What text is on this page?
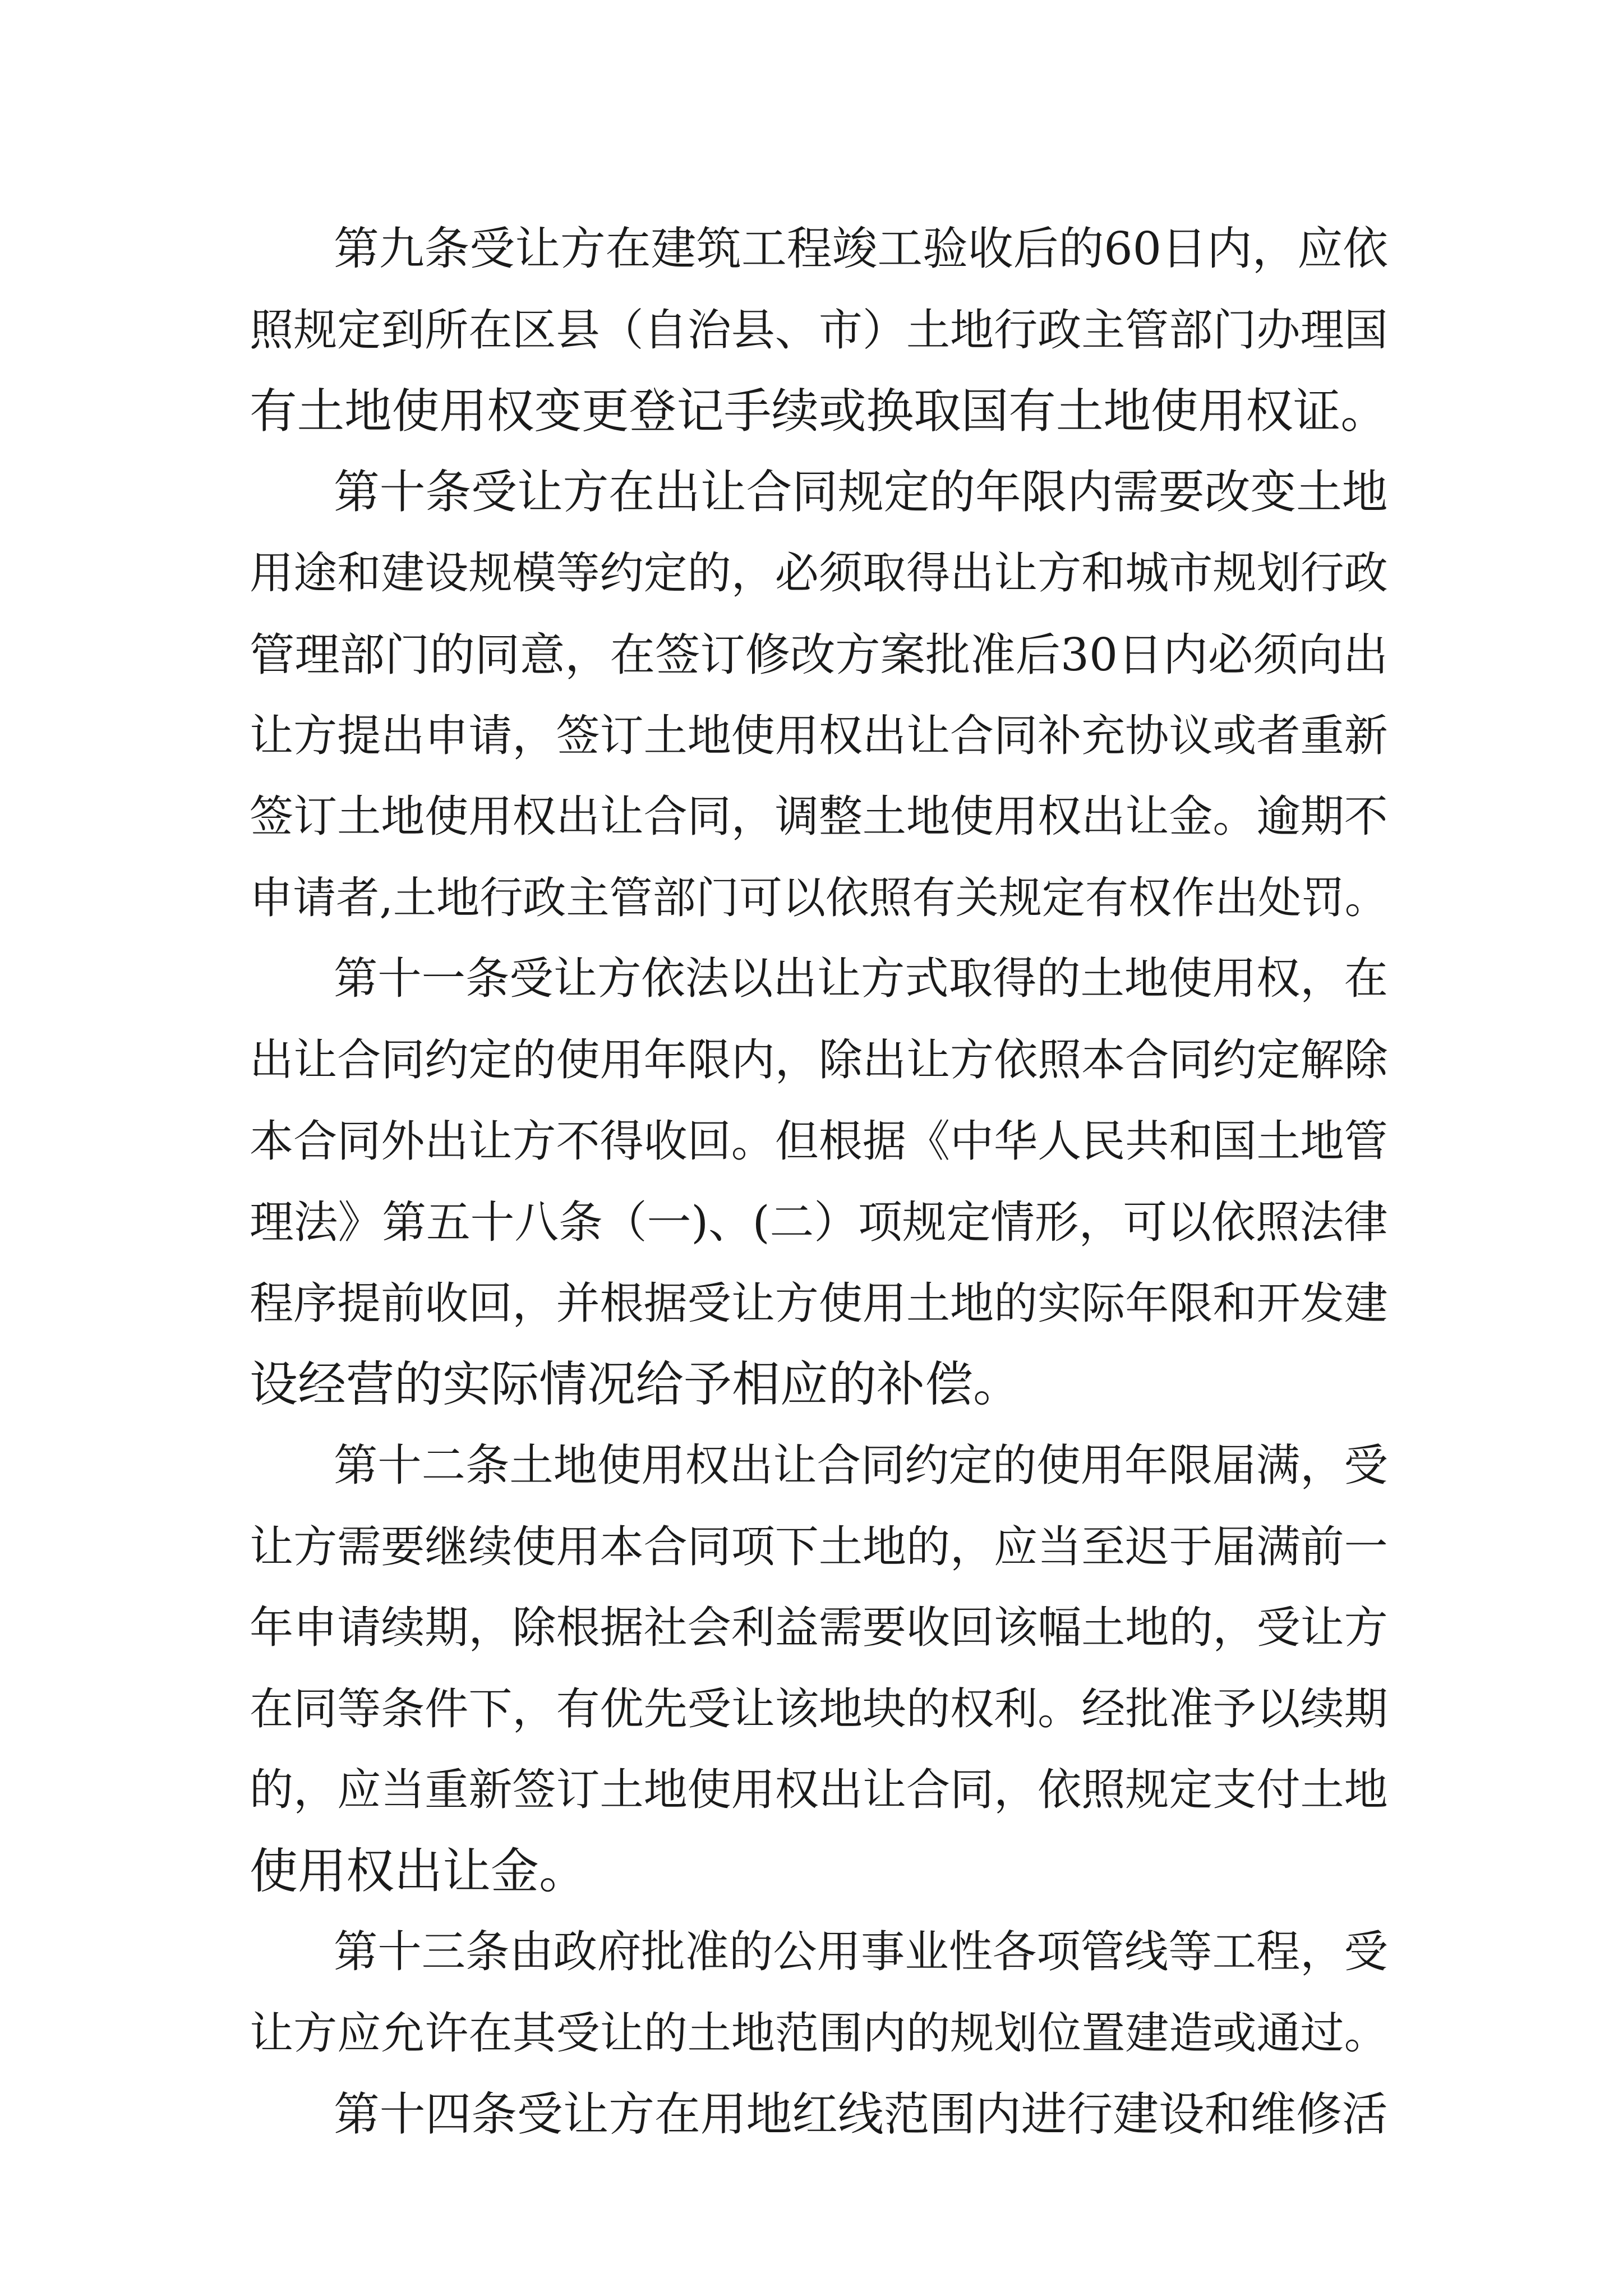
第九条受让方在建筑工程竣工验收后的60日内，应依
照规定到所在区县（自治县、市）土地行政主管部门办理国
有土地使用权变更登记手续或换取国有土地使用权证。
第十条受让方在出让合同规定的年限内需要改变土地
用途和建设规模等约定的，必须取得出让方和城市规划行政
管理部门的同意，在签订修改方案批准后30日内必须向出
让方提出申请，签订土地使用权出让合同补充协议或者重新
签订土地使用权出让合同，调整土地使用权出让金。逾期不
申请者,土地行政主管部门可以依照有关规定有权作出处罚。
第十一条受让方依法以出让方式取得的土地使用权，在
出让合同约定的使用年限内，除出让方依照本合同约定解除
本合同外出让方不得收回。但根据《中华人民共和国土地管
理法》第五十八条（一)、(二）项规定情形，可以依照法律
程序提前收回，并根据受让方使用土地的实际年限和开发建
设经营的实际情况给予相应的补偿。
第十二条土地使用权出让合同约定的使用年限届满，受
让方需要继续使用本合同项下土地的，应当至迟于届满前一
年申请续期，除根据社会利益需要收回该幅土地的，受让方
在同等条件下，有优先受让该地块的权利。经批准予以续期
的，应当重新签订土地使用权出让合同，依照规定支付土地
使用权出让金。
第十三条由政府批准的公用事业性各项管线等工程，受
让方应允许在其受让的土地范围内的规划位置建造或通过。
第十四条受让方在用地红线范围内进行建设和维修活
